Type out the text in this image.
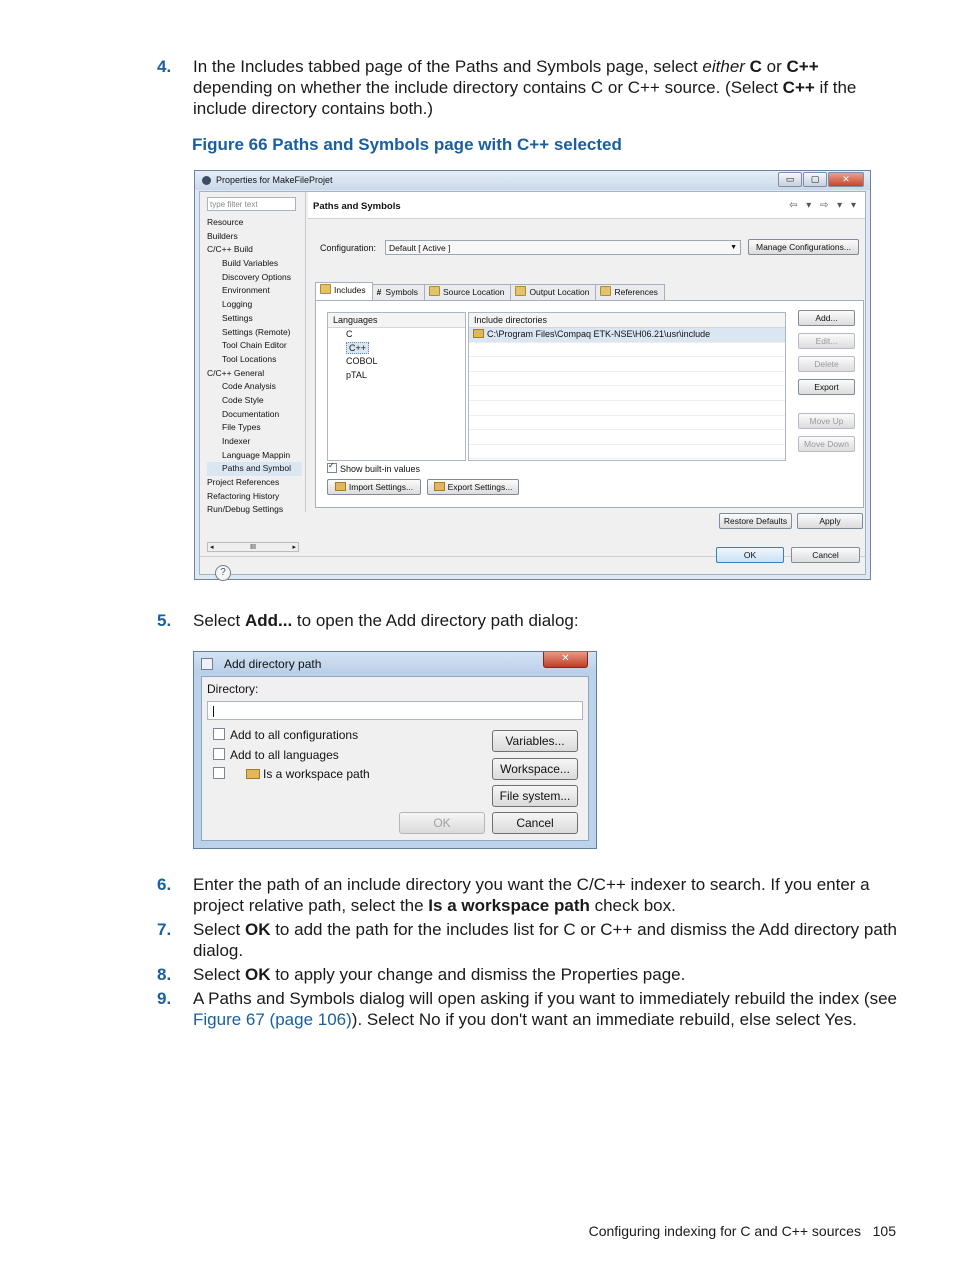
4. In the Includes tabbed page of the Paths and Symbols page, select either C or C++ depending on whether the include directory contains C or C++ source. (Select C++ if the include directory contains both.)
Figure 66 Paths and Symbols page with C++ selected
Properties for MakeFileProjet	▭	▢	✕
type filter text
Resource
Builders
C/C++ Build
Build Variables
Discovery Options
Environment
Logging
Settings
Settings (Remote)
Tool Chain Editor
Tool Locations
C/C++ General
Code Analysis
Code Style
Documentation
File Types
Indexer
Language Mappin
Paths and Symbol
Project References
Refactoring History
Run/Debug Settings
◂	III	▸
Paths and Symbols	⇦ ▾ ⇨ ▾ ▾
Configuration:	Default [ Active ]	▼	Manage Configurations...
Includes	# Symbols	Source Location	Output Location	References
Languages
C
C++
COBOL
pTAL
Include directories
C:\Program Files\Compaq ETK-NSE\H06.21\usr\include
Add...
Edit...
Delete
Export
Move Up
Move Down
✓Show built-in values
Import Settings...	Export Settings...
Restore Defaults	Apply
?
OK	Cancel
5. Select Add... to open the Add directory path dialog:
Add directory path	✕
Directory:
Add to all configurations
Add to all languages
Is a workspace path
Variables...
Workspace...
File system...
OK	Cancel
6. Enter the path of an include directory you want the C/C++ indexer to search. If you enter a project relative path, select the Is a workspace path check box.
7. Select OK to add the path for the includes list for C or C++ and dismiss the Add directory path dialog.
8. Select OK to apply your change and dismiss the Properties page.
9. A Paths and Symbols dialog will open asking if you want to immediately rebuild the index (see Figure 67 (page 106)). Select No if you don't want an immediate rebuild, else select Yes.
Configuring indexing for C and C++ sources 105
